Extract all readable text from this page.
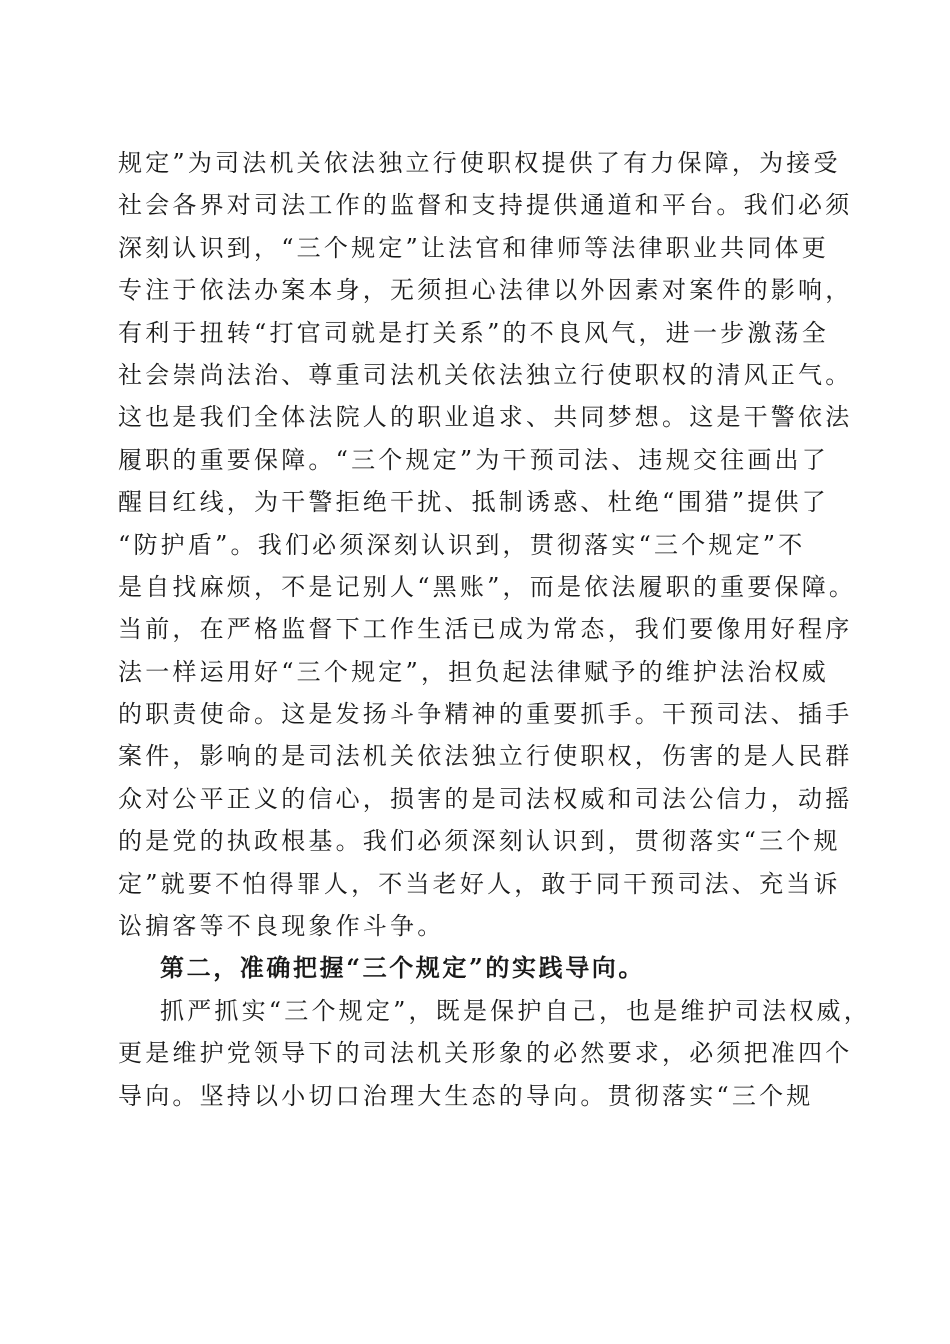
规定”为司法机关依法独立行使职权提供了有力保障，为接受
社会各界对司法工作的监督和支持提供通道和平台。我们必须
深刻认识到，“三个规定”让法官和律师等法律职业共同体更
专注于依法办案本身，无须担心法律以外因素对案件的影响，
有利于扭转“打官司就是打关系”的不良风气，进一步激荡全
社会崇尚法治、尊重司法机关依法独立行使职权的清风正气。
这也是我们全体法院人的职业追求、共同梦想。这是干警依法
履职的重要保障。“三个规定”为干预司法、违规交往画出了
醒目红线，为干警拒绝干扰、抵制诱惑、杜绝“围猎”提供了
“防护盾”。我们必须深刻认识到，贯彻落实“三个规定”不
是自找麻烦，不是记别人“黑账”，而是依法履职的重要保障。
当前，在严格监督下工作生活已成为常态，我们要像用好程序
法一样运用好“三个规定”，担负起法律赋予的维护法治权威
的职责使命。这是发扬斗争精神的重要抓手。干预司法、插手
案件，影响的是司法机关依法独立行使职权，伤害的是人民群
众对公平正义的信心，损害的是司法权威和司法公信力，动摇
的是党的执政根基。我们必须深刻认识到，贯彻落实“三个规
定”就要不怕得罪人，不当老好人，敢于同干预司法、充当诉
讼掮客等不良现象作斗争。
第二，准确把握“三个规定”的实践导向。
抓严抓实“三个规定”，既是保护自己，也是维护司法权威，
更是维护党领导下的司法机关形象的必然要求，必须把准四个
导向。坚持以小切口治理大生态的导向。贯彻落实“三个规
